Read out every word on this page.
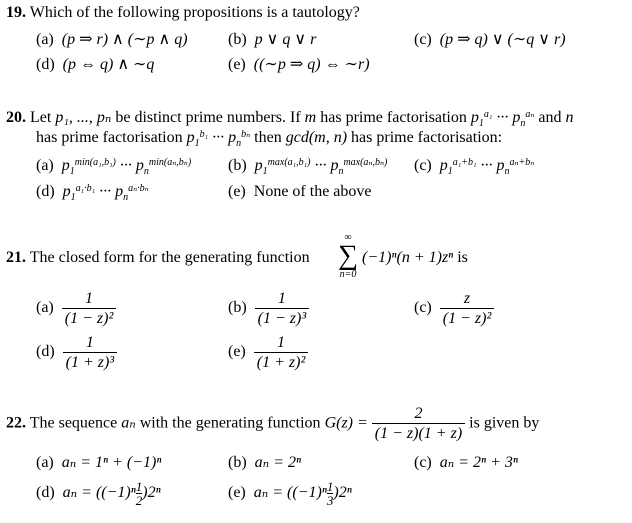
19. Which of the following propositions is a tautology?
(a) (p ⇒ r) ∧ (∼p ∧ q)	(b) p ∨ q ∨ r	(c) (p ⇒ q) ∨ (∼q ∨ r)
(d) (p ⇔ q) ∧ ∼q	(e) ((∼p ⇒ q) ⇔ ∼r)
20. Let p₁, ..., pₙ be distinct prime numbers. If m has prime factorisation $p_1^{a_1}$ ··· $p_n^{a_n}$ and n
has prime factorisation $p_1^{b_1}$ ··· $p_n^{b_n}$ then gcd(m, n) has prime factorisation:
(a) $p_1^{min(a_1,b_1)}$ ··· $p_n^{min(a_n,b_n)}$ (b) $p_1^{max(a_1,b_1)}$ ··· $p_n^{max(a_n,b_n)}$ (c) $p_1^{a_1+b_1}$ ··· $p_n^{a_n+b_n}$
(d) $p_1^{a_1\cdot b_1}$ ··· $p_n^{a_n\cdot b_n}$	(e) None of the above
21. The closed form for the generating function
∞
∑
n=0
(−1)ⁿ(n + 1)zⁿ is
$(a) \frac{1}{\text{(1 − z)²}}$	$(b) \frac{1}{\text{(1 − z)³}}$	$(c) \frac{z}{\text{(1 − z)²}}$
$(d) \frac{1}{\text{(1 + z)³}}$	$(e) \frac{1}{\text{(1 + z)²}}$
22. The sequence aₙ with the generating function $G(z) = \frac{2}{(1 - z)(1 + z)}$ is given by
(a) aₙ = 1ⁿ + (−1)ⁿ	(b) aₙ = 2ⁿ	(c) aₙ = 2ⁿ + 3ⁿ
(d) $a_n = ((-1)^n \frac{1}{2} )2^n$	(e) $a_n = ((-1)^n \frac{1}{3} )2^n$
